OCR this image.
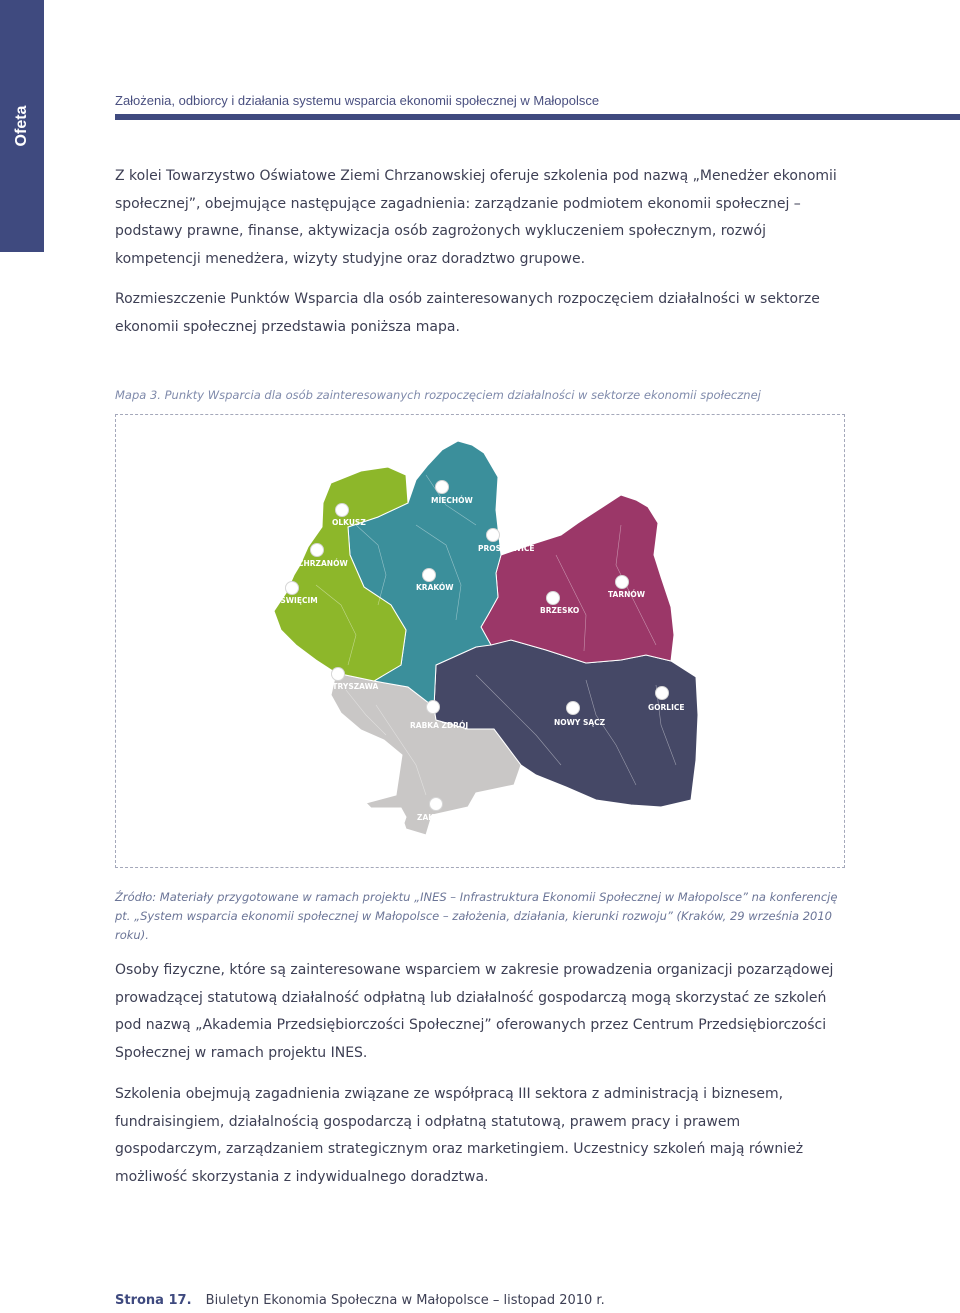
Ofeta
Założenia, odbiorcy i działania systemu wsparcia ekonomii społecznej w Małopolsce

Z kolei Towarzystwo Oświatowe Ziemi Chrzanowskiej oferuje szkolenia pod nazwą „Menedżer ekonomii społecznej”, obejmujące następujące zagadnienia: zarządzanie podmiotem ekonomii społecznej – podstawy prawne, finanse, aktywizacja osób zagrożonych wykluczeniem społecznym, rozwój kompetencji menedżera, wizyty studyjne oraz doradztwo grupowe.

Rozmieszczenie Punktów Wsparcia dla osób zainteresowanych rozpoczęciem działalności w sektorze ekonomii społecznej przedstawia poniższa mapa.

Mapa 3. Punkty Wsparcia dla osób zainteresowanych rozpoczęciem działalności w sektorze ekonomii społecznej
OLKUSZ
MIECHÓW
PROSZOWICE
CHRZANÓW
KRAKÓW
OŚWIĘCIM
TARNÓW
BRZESKO
STRYSZAWA
GORLICE
RABKA ZDRÓJ	NOWY SĄCZ
ZAKOPANE

Źródło: Materiały przygotowane w ramach projektu „INES – Infrastruktura Ekonomii Społecznej w Małopolsce” na konferencję pt. „System wsparcia ekonomii społecznej w Małopolsce – założenia, działania, kierunki rozwoju” (Kraków, 29 września 2010 roku).

Osoby fizyczne, które są zainteresowane wsparciem w zakresie prowadzenia organizacji pozarządowej prowadzącej statutową działalność odpłatną lub działalność gospodarczą mogą skorzystać ze szkoleń pod nazwą „Akademia Przedsiębiorczości Społecznej” oferowanych przez Centrum Przedsiębiorczości Społecznej w ramach projektu INES.

Szkolenia obejmują zagadnienia związane ze współpracą III sektora z administracją i biznesem, fundraisingiem, działalnością gospodarczą i odpłatną statutową, prawem pracy i prawem gospodarczym, zarządzaniem strategicznym oraz marketingiem. Uczestnicy szkoleń mają również możliwość skorzystania z indywidualnego doradztwa.

Strona 17. Biuletyn Ekonomia Społeczna w Małopolsce – listopad 2010 r.
